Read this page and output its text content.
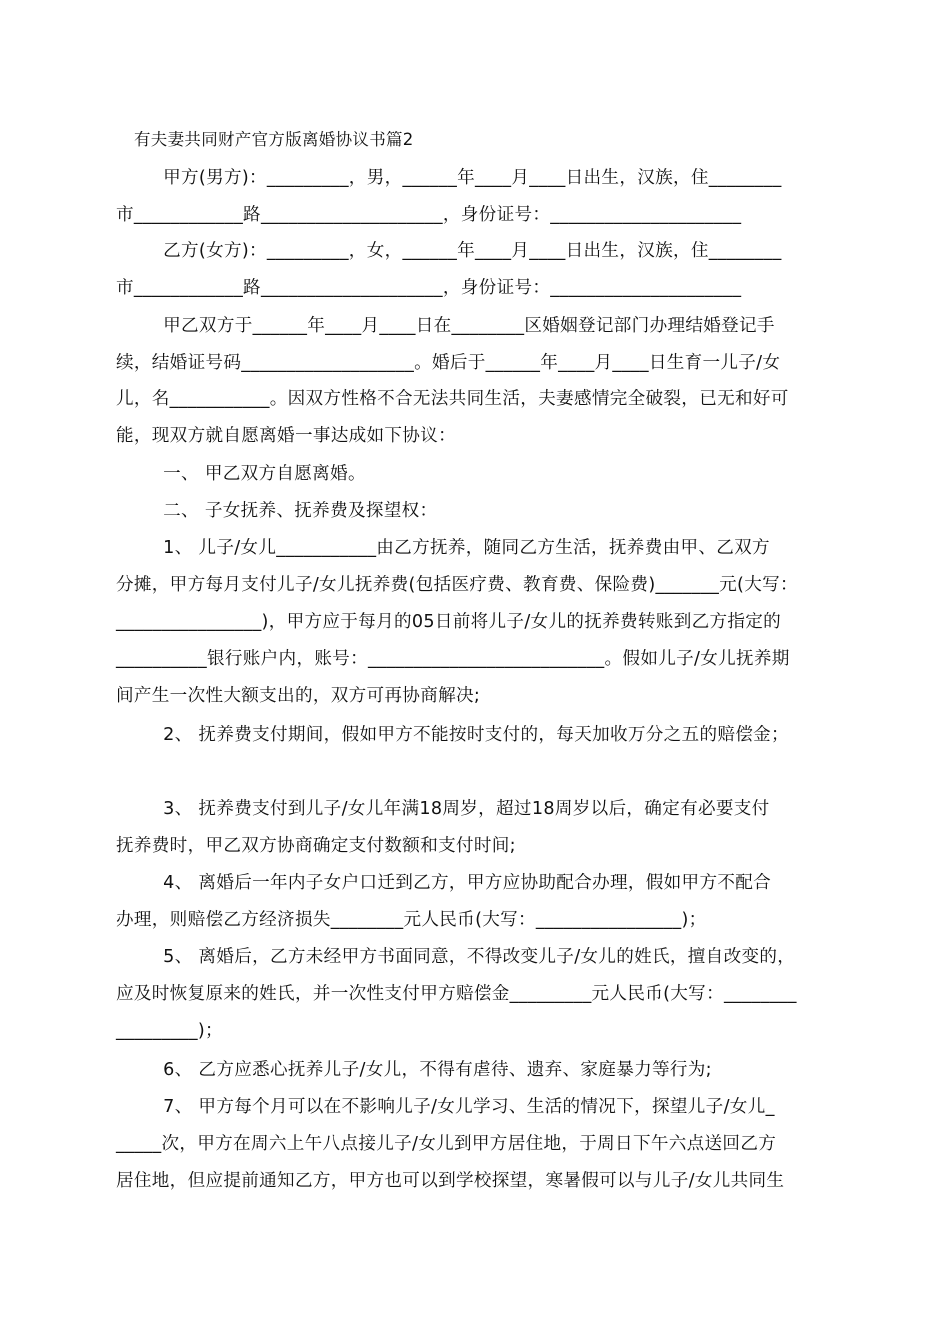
有夫妻共同财产官方版离婚协议书篇2
甲方(男方)：_________，男，______年____月____日出生，汉族，住________
市____________路____________________，身份证号：_____________________
乙方(女方)：_________，女，______年____月____日出生，汉族，住________
市____________路____________________，身份证号：_____________________
甲乙双方于______年____月____日在________区婚姻登记部门办理结婚登记手
续，结婚证号码___________________。婚后于______年____月____日生育一儿子/女
儿，名___________。因双方性格不合无法共同生活，夫妻感情完全破裂，已无和好可
能，现双方就自愿离婚一事达成如下协议：
一、 甲乙双方自愿离婚。
二、 子女抚养、抚养费及探望权：
1、 儿子/女儿___________由乙方抚养，随同乙方生活，抚养费由甲、乙双方
分摊，甲方每月支付儿子/女儿抚养费(包括医疗费、教育费、保险费)_______元(大写：
________________)，甲方应于每月的05日前将儿子/女儿的抚养费转账到乙方指定的
__________银行账户内，账号：__________________________。假如儿子/女儿抚养期
间产生一次性大额支出的，双方可再协商解决;
2、 抚养费支付期间，假如甲方不能按时支付的，每天加收万分之五的赔偿金；
3、 抚养费支付到儿子/女儿年满18周岁，超过18周岁以后，确定有必要支付
抚养费时，甲乙双方协商确定支付数额和支付时间;
4、 离婚后一年内子女户口迁到乙方，甲方应协助配合办理，假如甲方不配合
办理，则赔偿乙方经济损失________元人民币(大写：________________)；
5、 离婚后，乙方未经甲方书面同意，不得改变儿子/女儿的姓氏，擅自改变的，
应及时恢复原来的姓氏，并一次性支付甲方赔偿金_________元人民币(大写：________
_________)；
6、 乙方应悉心抚养儿子/女儿，不得有虐待、遗弃、家庭暴力等行为;
7、 甲方每个月可以在不影响儿子/女儿学习、生活的情况下，探望儿子/女儿_
_____次，甲方在周六上午八点接儿子/女儿到甲方居住地，于周日下午六点送回乙方
居住地，但应提前通知乙方，甲方也可以到学校探望，寒暑假可以与儿子/女儿共同生
